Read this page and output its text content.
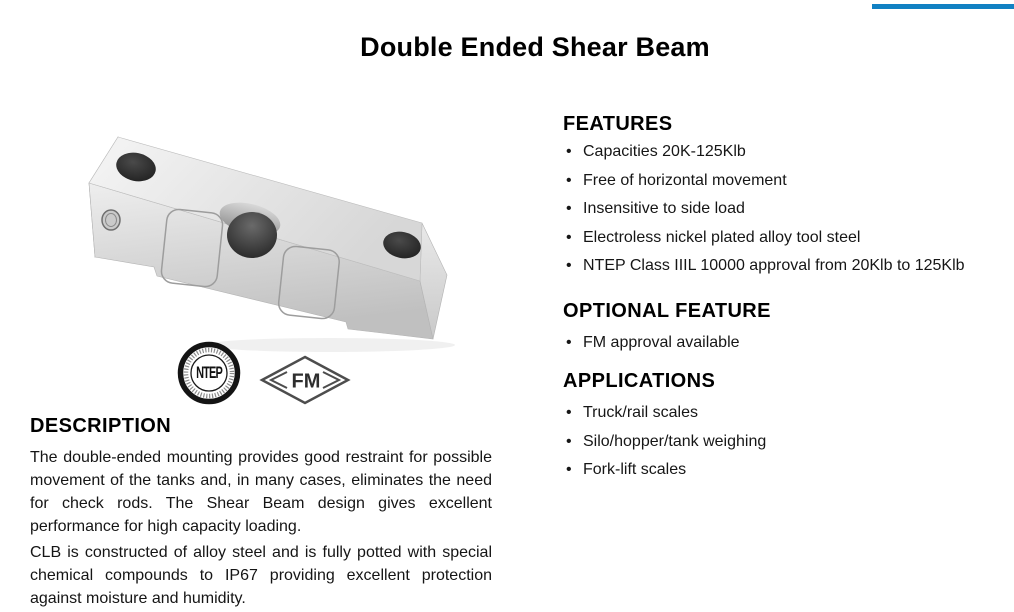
Double Ended Shear Beam
NTEP	FM
FEATURES
• Capacities 20K-125Klb
• Free of horizontal movement
• Insensitive to side load
• Electroless nickel plated alloy tool steel
• NTEP Class IIIL 10000 approval from 20Klb to 125Klb
OPTIONAL FEATURE
• FM approval available
APPLICATIONS
• Truck/rail scales
• Silo/hopper/tank weighing
• Fork-lift scales
DESCRIPTION

The double-ended mounting provides good restraint for possible movement of the tanks and, in many cases, eliminates the need for check rods. The Shear Beam design gives excellent performance for high capacity loading.

CLB is constructed of alloy steel and is fully potted with special chemical compounds to IP67 providing excellent protection against moisture and humidity.
